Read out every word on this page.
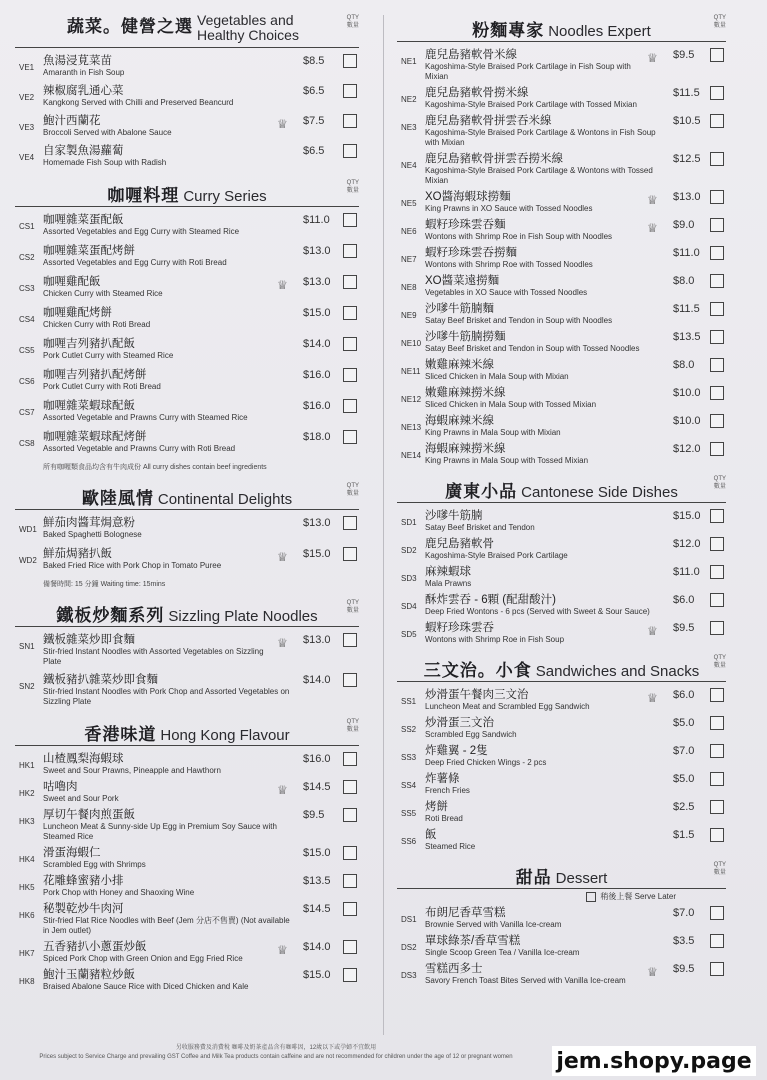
蔬菜。健營之選 Vegetables and Healthy Choices
QTY
數量
VE1
魚湯浸莧菜苗
Amaranth in Fish Soup
$8.5
VE2
辣椒腐乳通心菜
Kangkong Served with Chilli and Preserved Beancurd
$6.5
VE3
鮑汁西蘭花
Broccoli Served with Abalone Sauce
♕ $7.5
VE4
自家製魚湯蘿蔔
Homemade Fish Soup with Radish
$6.5
咖喱料理 Curry Series
QTY
數量
CS1
咖喱雜菜蛋配飯
Assorted Vegetables and Egg Curry with Steamed Rice
$11.0
CS2
咖喱雜菜蛋配烤餅
Assorted Vegetables and Egg Curry with Roti Bread
$13.0
CS3
咖喱雞配飯
Chicken Curry with Steamed Rice
♕ $13.0
CS4
咖喱雞配烤餅
Chicken Curry with Roti Bread
$15.0
CS5
咖喱吉列豬扒配飯
Pork Cutlet Curry with Steamed Rice
$14.0
CS6
咖喱吉列豬扒配烤餅
Pork Cutlet Curry with Roti Bread
$16.0
CS7
咖喱雜菜蝦球配飯
Assorted Vegetable and Prawns Curry with Steamed Rice
$16.0
CS8
咖喱雜菜蝦球配烤餅
Assorted Vegetable and Prawns Curry with Roti Bread
$18.0
所有咖喱類食品均含有牛肉成份 All curry dishes contain beef ingredients
歐陸風情 Continental Delights
QTY
數量
WD1
鮮茄肉醬茸焗意粉
Baked Spaghetti Bolognese
$13.0
WD2
鮮茄焗豬扒飯
Baked Fried Rice with Pork Chop in Tomato Puree
♕ $15.0
備餐時間: 15 分鐘 Waiting time: 15mins
鐵板炒麵系列 Sizzling Plate Noodles
QTY
數量
SN1
鐵板雜菜炒即食麵
Stir-fried Instant Noodles with Assorted Vegetables on Sizzling Plate
♕ $13.0
SN2
鐵板豬扒雜菜炒即食麵
Stir-fried Instant Noodles with Pork Chop and Assorted Vegetables on Sizzling Plate
$14.0
香港味道 Hong Kong Flavour
QTY
數量
HK1
山楂鳳梨海蝦球
Sweet and Sour Prawns, Pineapple and Hawthorn
$16.0
HK2
咕嚕肉
Sweet and Sour Pork
♕ $14.5
HK3
厚切午餐肉煎蛋飯
Luncheon Meat & Sunny-side Up Egg in Premium Soy Sauce with Steamed Rice
$9.5
HK4
滑蛋海蝦仁
Scrambled Egg with Shrimps
$15.0
HK5
花雕蜂蜜豬小排
Pork Chop with Honey and Shaoxing Wine
$13.5
HK6
秘製乾炒牛肉河
Stir-fried Flat Rice Noodles with Beef (Jem 分店不售賣) (Not available in Jem outlet)
$14.5
HK7
五香豬扒小蔥蛋炒飯
Spiced Pork Chop with Green Onion and Egg Fried Rice
♕ $14.0
HK8
鮑汁玉蘭豬粒炒飯
Braised Abalone Sauce Rice with Diced Chicken and Kale
$15.0
粉麵專家 Noodles Expert
QTY
數量
NE1
鹿兒島豬軟骨米線
Kagoshima-Style Braised Pork Cartilage in Fish Soup with Mixian
♕ $9.5
NE2
鹿兒島豬軟骨撈米線
Kagoshima-Style Braised Pork Cartilage with Tossed Mixian
$11.5
NE3
鹿兒島豬軟骨拼雲吞米線
Kagoshima-Style Braised Pork Cartilage & Wontons in Fish Soup with Mixian
$10.5
NE4
鹿兒島豬軟骨拼雲吞撈米線
Kagoshima-Style Braised Pork Cartilage & Wontons with Tossed Mixian
$12.5
NE5
XO醬海蝦球撈麵
King Prawns in XO Sauce with Tossed Noodles
♕ $13.0
NE6
蝦籽珍珠雲吞麵
Wontons with Shrimp Roe in Fish Soup with Noodles
♕ $9.0
NE7
蝦籽珍珠雲吞撈麵
Wontons with Shrimp Roe with Tossed Noodles
$11.0
NE8
XO醬菜遠撈麵
Vegetables in XO Sauce with Tossed Noodles
$8.0
NE9
沙嗲牛筋腩麵
Satay Beef Brisket and Tendon in Soup with Noodles
$11.5
NE10
沙嗲牛筋腩撈麵
Satay Beef Brisket and Tendon in Soup with Tossed Noodles
$13.5
NE11
嫩雞麻辣米線
Sliced Chicken in Mala Soup with Mixian
$8.0
NE12
嫩雞麻辣撈米線
Sliced Chicken in Mala Soup with Tossed Mixian
$10.0
NE13
海蝦麻辣米線
King Prawns in Mala Soup with Mixian
$10.0
NE14
海蝦麻辣撈米線
King Prawns in Mala Soup with Tossed Mixian
$12.0
廣東小品 Cantonese Side Dishes
QTY
數量
SD1
沙嗲牛筋腩
Satay Beef Brisket and Tendon
$15.0
SD2
鹿兒島豬軟骨
Kagoshima-Style Braised Pork Cartilage
$12.0
SD3
麻辣蝦球
Mala Prawns
$11.0
SD4
酥炸雲吞 - 6顆 (配甜酸汁)
Deep Fried Wontons - 6 pcs (Served with Sweet & Sour Sauce)
$6.0
SD5
蝦籽珍珠雲吞
Wontons with Shrimp Roe in Fish Soup
♕ $9.5
三文治。小食 Sandwiches and Snacks
QTY
數量
SS1
炒滑蛋午餐肉三文治
Luncheon Meat and Scrambled Egg Sandwich
♕ $6.0
SS2
炒滑蛋三文治
Scrambled Egg Sandwich
$5.0
SS3
炸雞翼 - 2隻
Deep Fried Chicken Wings - 2 pcs
$7.0
SS4
炸薯條
French Fries
$5.0
SS5
烤餅
Roti Bread
$2.5
SS6
飯
Steamed Rice
$1.5
甜品 Dessert
QTY
數量
稍後上餐 Serve Later
DS1
布朗尼香草雪糕
Brownie Served with Vanilla Ice-cream
$7.0
DS2
單球綠茶/香草雪糕
Single Scoop Green Tea / Vanilla Ice-cream
$3.5
DS3
雪糕西多士
Savory French Toast Bites Served with Vanilla Ice-cream
♕ $9.5
另收服務費及消費稅 咖啡及奶茶產品含有咖啡因，12歲以下或孕婦不宜飲用
Prices subject to Service Charge and prevailing GST Coffee and Milk Tea products contain caffeine and are not recommended for children under the age of 12 or pregnant women	jem.shopy.page
